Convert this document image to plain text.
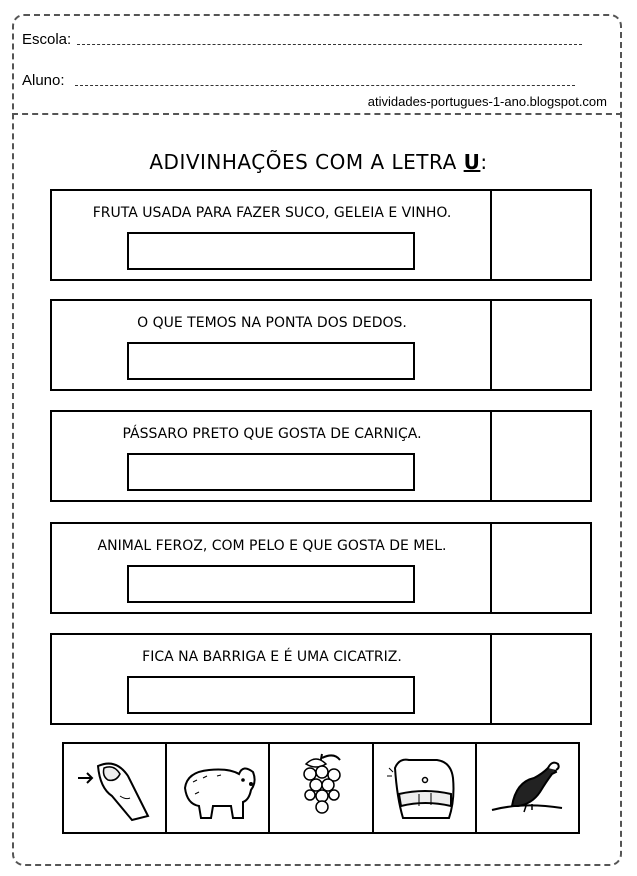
Escola:
Aluno:
atividades-portugues-1-ano.blogspot.com
ADIVINHAÇÕES COM A LETRA U:
FRUTA USADA PARA FAZER SUCO, GELEIA E VINHO.
O QUE TEMOS NA PONTA DOS DEDOS.
PÁSSARO PRETO QUE GOSTA DE CARNIÇA.
ANIMAL FEROZ, COM PELO E QUE GOSTA DE MEL.
FICA NA BARRIGA E É UMA CICATRIZ.
